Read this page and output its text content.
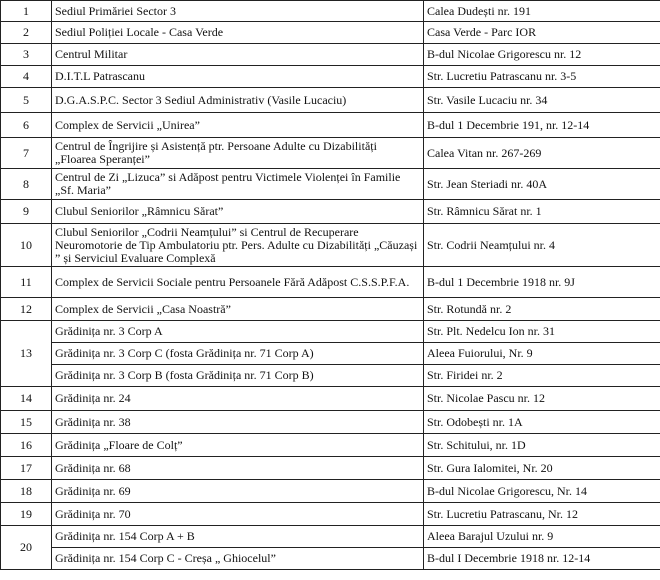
1	Sediul Primăriei Sector 3	Calea Dudești nr. 191
2	Sediul Poliției Locale - Casa Verde	Casa Verde - Parc IOR
3	Centrul Militar	B-dul Nicolae Grigorescu nr. 12
4	D.I.T.L Patrascanu	Str. Lucretiu Patrascanu nr. 3-5
5	D.G.A.S.P.C. Sector 3 Sediul Administrativ (Vasile Lucaciu)	Str. Vasile Lucaciu nr. 34
6	Complex de Servicii „Unirea”	B-dul 1 Decembrie 191, nr. 12-14
7	Centrul de Îngrijire și Asistență ptr. Persoane Adulte cu Dizabilități „Floarea Speranței”	Calea Vitan nr. 267-269
8	Centrul de Zi „Lizuca” si Adăpost pentru Victimele Violenței în Familie „Sf. Maria”	Str. Jean Steriadi nr. 40A
9	Clubul Seniorilor „Râmnicu Sărat”	Str. Râmnicu Sărat nr. 1
10	Clubul Seniorilor „Codrii Neamțului” si Centrul de Recuperare Neuromotorie de Tip Ambulatoriu ptr. Pers. Adulte cu Dizabilități „Căuzași ” și Serviciul Evaluare Complexă	Str. Codrii Neamțului nr. 4
11	Complex de Servicii Sociale pentru Persoanele Fără Adăpost C.S.S.P.F.A.	B-dul 1 Decembrie 1918 nr. 9J
12	Complex de Servicii „Casa Noastră”	Str. Rotundă nr. 2
13	Grădinița nr. 3 Corp A	Str. Plt. Nedelcu Ion nr. 31
	Grădinița nr. 3 Corp C (fosta Grădinița nr. 71 Corp A)	Aleea Fuiorului, Nr. 9
	Grădinița nr. 3 Corp B (fosta Grădinița nr. 71 Corp B)	Str. Firidei nr. 2
14	Grădinița nr. 24	Str. Nicolae Pascu nr. 12
15	Grădinița nr. 38	Str. Odobești nr. 1A
16	Grădinița „Floare de Colț”	Str. Schitului, nr. 1D
17	Grădinița nr. 68	Str. Gura Ialomitei, Nr. 20
18	Grădinița nr. 69	B-dul Nicolae Grigorescu, Nr. 14
19	Grădinița nr. 70	Str. Lucretiu Patrascanu, Nr. 12
20	Grădinița nr. 154 Corp A + B	Aleea Barajul Uzului nr. 9
	Grădinița nr. 154 Corp C - Creșa „ Ghiocelul”	B-dul I Decembrie 1918 nr. 12-14
